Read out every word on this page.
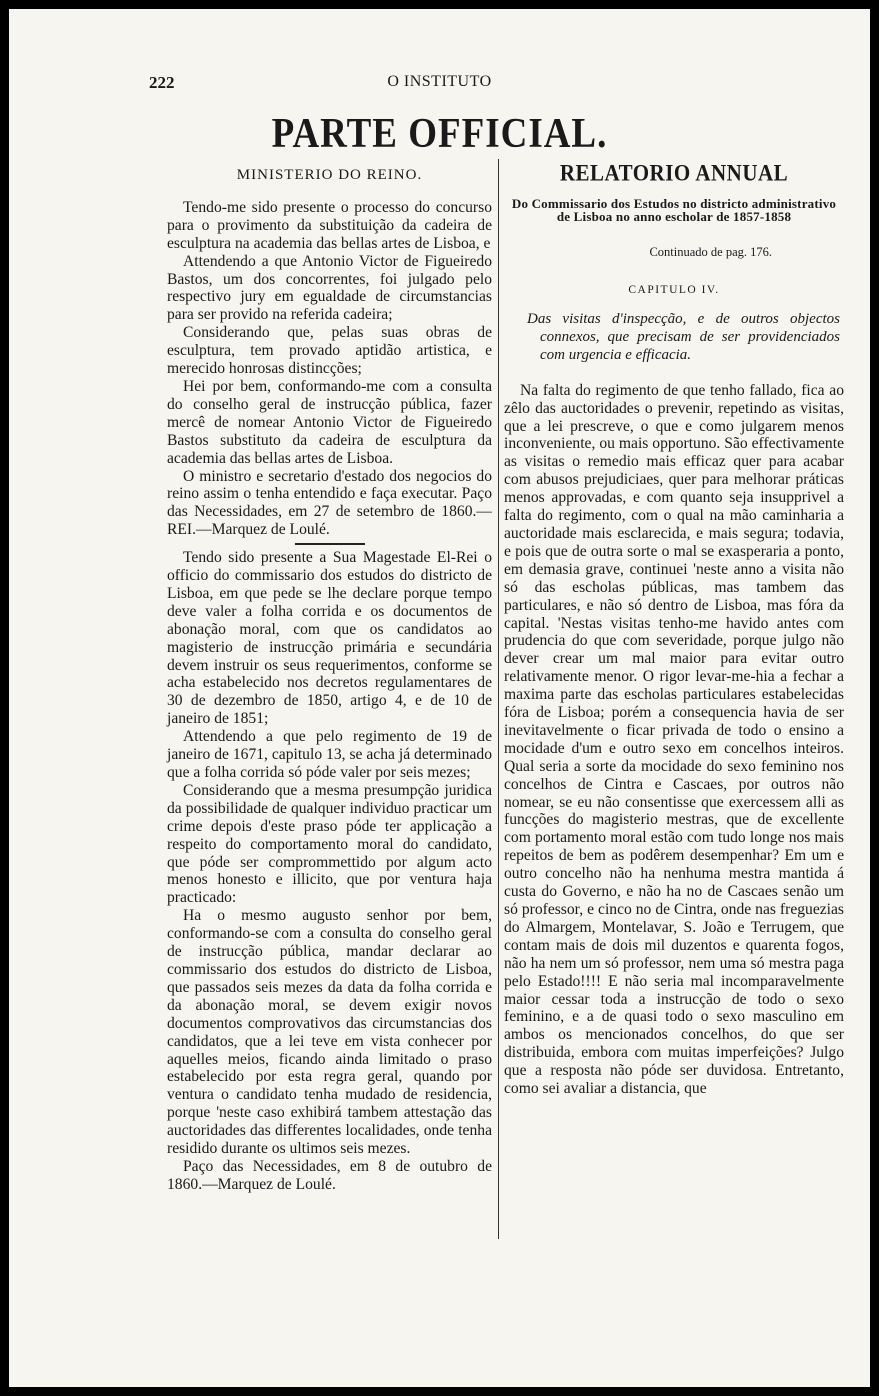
222	O INSTITUTO
PARTE OFFICIAL.
MINISTERIO DO REINO.

Tendo-me sido presente o processo do concurso para o provimento da substituição da cadeira de esculptura na academia das bellas artes de Lisboa, e

Attendendo a que Antonio Victor de Figueiredo Bastos, um dos concorrentes, foi julgado pelo respectivo jury em egualdade de circumstancias para ser provido na referida cadeira;

Considerando que, pelas suas obras de esculptura, tem provado aptidão artistica, e merecido honrosas distincções;

Hei por bem, conformando-me com a consulta do conselho geral de instrucção pública, fazer mercê de nomear Antonio Victor de Figueiredo Bastos substituto da cadeira de esculptura da academia das bellas artes de Lisboa.

O ministro e secretario d'estado dos negocios do reino assim o tenha entendido e faça executar. Paço das Necessidades, em 27 de setembro de 1860.—REI.—Marquez de Loulé.

Tendo sido presente a Sua Magestade El-Rei o officio do commissario dos estudos do districto de Lisboa, em que pede se lhe declare porque tempo deve valer a folha corrida e os documentos de abonação moral, com que os candidatos ao magisterio de instrucção primária e secundária devem instruir os seus requerimentos, conforme se acha estabelecido nos decretos regulamentares de 30 de dezembro de 1850, artigo 4, e de 10 de janeiro de 1851;

Attendendo a que pelo regimento de 19 de janeiro de 1671, capitulo 13, se acha já determinado que a folha corrida só póde valer por seis mezes;

Considerando que a mesma presumpção juridica da possibilidade de qualquer individuo practicar um crime depois d'este praso póde ter applicação a respeito do comportamento moral do candidato, que póde ser comprommettido por algum acto menos honesto e illicito, que por ventura haja practicado:

Ha o mesmo augusto senhor por bem, conformando-se com a consulta do conselho geral de instrucção pública, mandar declarar ao commissario dos estudos do districto de Lisboa, que passados seis mezes da data da folha corrida e da abonação moral, se devem exigir novos documentos comprovativos das circumstancias dos candidatos, que a lei teve em vista conhecer por aquelles meios, ficando ainda limitado o praso estabelecido por esta regra geral, quando por ventura o candidato tenha mudado de residencia, porque 'neste caso exhibirá tambem attestação das auctoridades das differentes localidades, onde tenha residido durante os ultimos seis mezes.

Paço das Necessidades, em 8 de outubro de 1860.—Marquez de Loulé.

RELATORIO ANNUAL
Do Commissario dos Estudos no districto administrativo de Lisboa no anno escholar de 1857-1858
Continuado de pag. 176.
CAPITULO IV.
Das visitas d'inspecção, e de outros objectos connexos, que precisam de ser providenciados com urgencia e efficacia.

Na falta do regimento de que tenho fallado, fica ao zêlo das auctoridades o prevenir, repetindo as visitas, que a lei prescreve, o que e como julgarem menos inconveniente, ou mais opportuno. São effectivamente as visitas o remedio mais efficaz quer para acabar com abusos prejudiciaes, quer para melhorar práticas menos approvadas, e com quanto seja insupprivel a falta do regimento, com o qual na mão caminharia a auctoridade mais esclarecida, e mais segura; todavia, e pois que de outra sorte o mal se exasperaria a ponto, em demasia grave, continuei 'neste anno a visita não só das escholas públicas, mas tambem das particulares, e não só dentro de Lisboa, mas fóra da capital. 'Nestas visitas tenho-me havido antes com prudencia do que com severidade, porque julgo não dever crear um mal maior para evitar outro relativamente menor. O rigor levar-me-hia a fechar a maxima parte das escholas particulares estabelecidas fóra de Lisboa; porém a consequencia havia de ser inevitavelmente o ficar privada de todo o ensino a mocidade d'um e outro sexo em concelhos inteiros. Qual seria a sorte da mocidade do sexo feminino nos concelhos de Cintra e Cascaes, por outros não nomear, se eu não consentisse que exercessem alli as funcções do magisterio mestras, que de excellente com portamento moral estão com tudo longe nos mais repeitos de bem as podêrem desempenhar? Em um e outro concelho não ha nenhuma mestra mantida á custa do Governo, e não ha no de Cascaes senão um só professor, e cinco no de Cintra, onde nas freguezias do Almargem, Montelavar, S. João e Terrugem, que contam mais de dois mil duzentos e quarenta fogos, não ha nem um só professor, nem uma só mestra paga pelo Estado!!!! E não seria mal incomparavelmente maior cessar toda a instrucção de todo o sexo feminino, e a de quasi todo o sexo masculino em ambos os mencionados concelhos, do que ser distribuida, embora com muitas imperfeições? Julgo que a resposta não póde ser duvidosa. Entretanto, como sei avaliar a distancia, que
